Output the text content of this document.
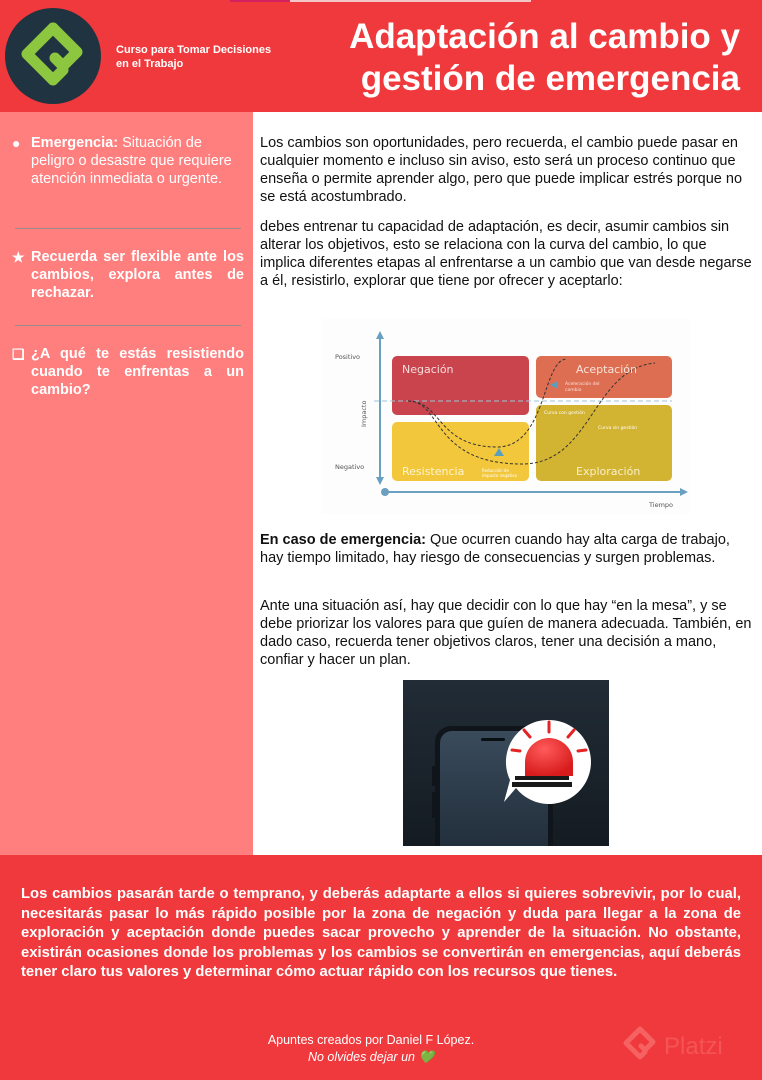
Curso para Tomar Decisiones en el Trabajo
Adaptación al cambio y gestión de emergencia
● Emergencia: Situación de peligro o desastre que requiere atención inmediata o urgente.
★ Recuerda ser flexible ante los cambios, explora antes de rechazar.
❑ ¿A qué te estás resistiendo cuando te enfrentas a un cambio?

Los cambios son oportunidades, pero recuerda, el cambio puede pasar en cualquier momento e incluso sin aviso, esto será un proceso continuo que enseña o permite aprender algo, pero que puede implicar estrés porque no se está acostumbrado.

debes entrenar tu capacidad de adaptación, es decir, asumir cambios sin alterar los objetivos, esto se relaciona con la curva del cambio, lo que implica diferentes etapas al enfrentarse a un cambio que van desde negarse a él, resistirlo, explorar que tiene por ofrecer y aceptarlo:

Positivo
Negativo
Impacto
Tiempo
Negación	Aceptación
Resistencia	Exploración
Aceleración del cambio
Curva con gestión
Curva sin gestión
Reducción de impacto negativo

En caso de emergencia: Que ocurren cuando hay alta carga de trabajo, hay tiempo limitado, hay riesgo de consecuencias y surgen problemas.

Ante una situación así, hay que decidir con lo que hay “en la mesa”, y se debe priorizar los valores para que guíen de manera adecuada. También, en dado caso, recuerda tener objetivos claros, tener una decisión a mano, confiar y hacer un plan.

Los cambios pasarán tarde o temprano, y deberás adaptarte a ellos si quieres sobrevivir, por lo cual, necesitarás pasar lo más rápido posible por la zona de negación y duda para llegar a la zona de exploración y aceptación donde puedes sacar provecho y aprender de la situación. No obstante, existirán ocasiones donde los problemas y los cambios se convertirán en emergencias, aquí deberás tener claro tus valores y determinar cómo actuar rápido con los recursos que tienes.

Apuntes creados por Daniel F López.
No olvides dejar un 💚	Platzi
